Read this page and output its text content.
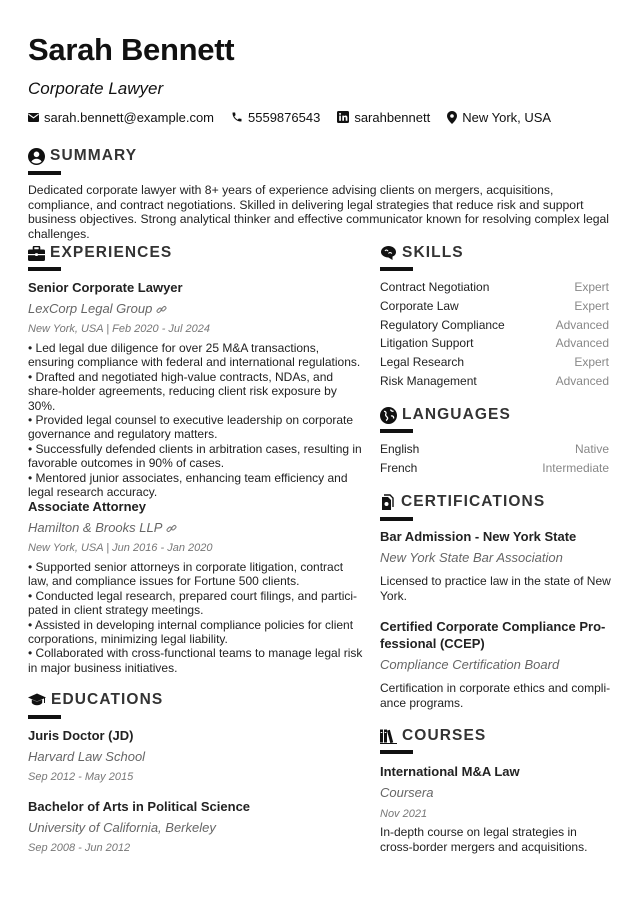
Sarah Bennett
Corporate Lawyer
sarah.bennett@example.com	5559876543	sarahbennett New York, USA
SUMMARY
Dedicated corporate lawyer with 8+ years of experience advising clients on mergers, acquisitions, compliance, and contract negotiations. Skilled in delivering legal strategies that reduce risk and support business objectives. Strong analytical thinker and effective communicator known for resolving complex legal challenges.
EXPERIENCES
Senior Corporate Lawyer
LexCorp Legal Group
New York, USA | Feb 2020 - Jul 2024
• Led legal due diligence for over 25 M&A transactions, ensuring compliance with federal and international regulations.
• Drafted and negotiated high-value contracts, NDAs, and share-holder agreements, reducing client risk exposure by 30%.
• Provided legal counsel to executive leadership on corporate governance and regulatory matters.
• Successfully defended clients in arbitration cases, resulting in favorable outcomes in 90% of cases.
• Mentored junior associates, enhancing team efficiency and legal research accuracy.
Associate Attorney
Hamilton & Brooks LLP
New York, USA | Jun 2016 - Jan 2020
• Supported senior attorneys in corporate litigation, contract law, and compliance issues for Fortune 500 clients.
• Conducted legal research, prepared court filings, and partici-pated in client strategy meetings.
• Assisted in developing internal compliance policies for client corporations, minimizing legal liability.
• Collaborated with cross-functional teams to manage legal risk in major business initiatives.
EDUCATIONS
Juris Doctor (JD)
Harvard Law School
Sep 2012 - May 2015
Bachelor of Arts in Political Science
University of California, Berkeley
Sep 2008 - Jun 2012
SKILLS
Contract Negotiation	Expert
Corporate Law	Expert
Regulatory Compliance	Advanced
Litigation Support	Advanced
Legal Research	Expert
Risk Management	Advanced
LANGUAGES
English	Native
French	Intermediate
CERTIFICATIONS
Bar Admission - New York State
New York State Bar Association
Licensed to practice law in the state of New York.
Certified Corporate Compliance Pro-fessional (CCEP)
Compliance Certification Board
Certification in corporate ethics and compli-ance programs.
COURSES
International M&A Law
Coursera
Nov 2021
In-depth course on legal strategies in cross-border mergers and acquisitions.
